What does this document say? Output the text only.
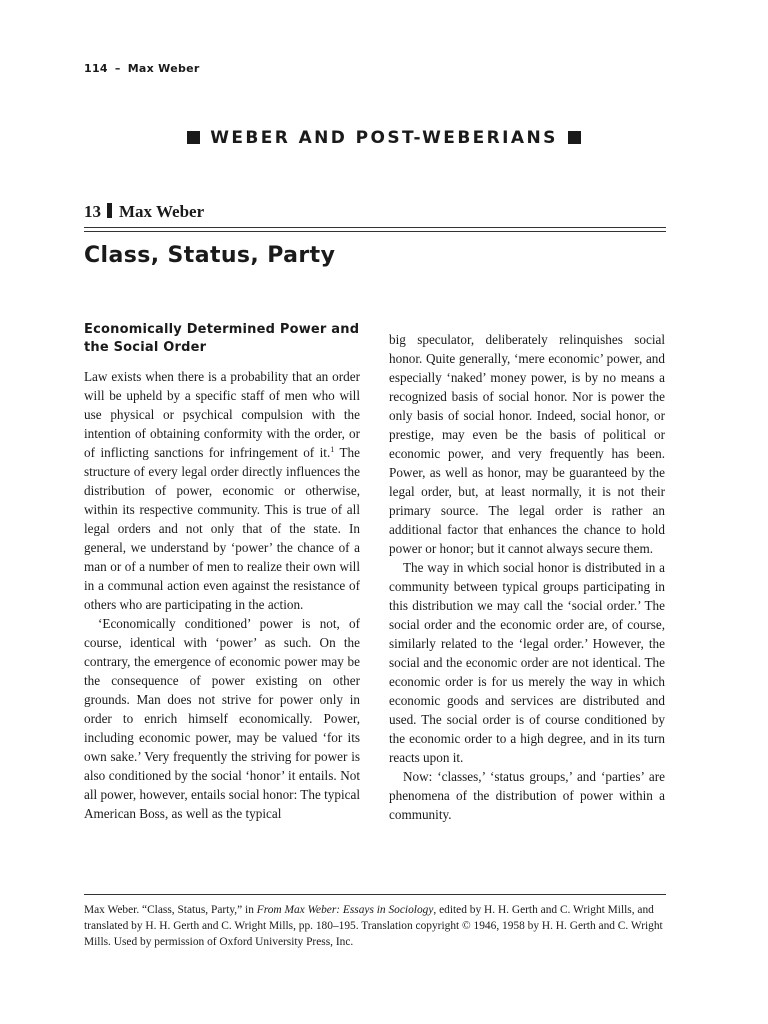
114 – Max Weber
WEBER AND POST-WEBERIANS
13 Max Weber
Class, Status, Party
Economically Determined Power and the Social Order

Law exists when there is a probability that an order will be upheld by a specific staff of men who will use physical or psychical compulsion with the intention of obtaining conformity with the order, or of inflicting sanctions for infringement of it.$^1$ The structure of every legal order directly influences the distribution of power, economic or otherwise, within its respective community. This is true of all legal orders and not only that of the state. In general, we understand by ‘power’ the chance of a man or of a number of men to realize their own will in a communal action even against the resistance of others who are participating in the action.

‘Economically conditioned’ power is not, of course, identical with ‘power’ as such. On the contrary, the emergence of economic power may be the consequence of power existing on other grounds. Man does not strive for power only in order to enrich himself economically. Power, including economic power, may be valued ‘for its own sake.’ Very frequently the striving for power is also conditioned by the social ‘honor’ it entails. Not all power, however, entails social honor: The typical American Boss, as well as the typical

big speculator, deliberately relinquishes social honor. Quite generally, ‘mere economic’ power, and especially ‘naked’ money power, is by no means a recognized basis of social honor. Nor is power the only basis of social honor. Indeed, social honor, or prestige, may even be the basis of political or economic power, and very frequently has been. Power, as well as honor, may be guaranteed by the legal order, but, at least normally, it is not their primary source. The legal order is rather an additional factor that enhances the chance to hold power or honor; but it cannot always secure them.

The way in which social honor is distributed in a community between typical groups participating in this distribution we may call the ‘social order.’ The social order and the economic order are, of course, similarly related to the ‘legal order.’ However, the social and the economic order are not identical. The economic order is for us merely the way in which economic goods and services are distributed and used. The social order is of course conditioned by the economic order to a high degree, and in its turn reacts upon it.

Now: ‘classes,’ ‘status groups,’ and ‘parties’ are phenomena of the distribution of power within a community.

Max Weber. “Class, Status, Party,” in From Max Weber: Essays in Sociology, edited by H. H. Gerth and C. Wright Mills, and translated by H. H. Gerth and C. Wright Mills, pp. 180–195. Translation copyright © 1946, 1958 by H. H. Gerth and C. Wright Mills. Used by permission of Oxford University Press, Inc.
